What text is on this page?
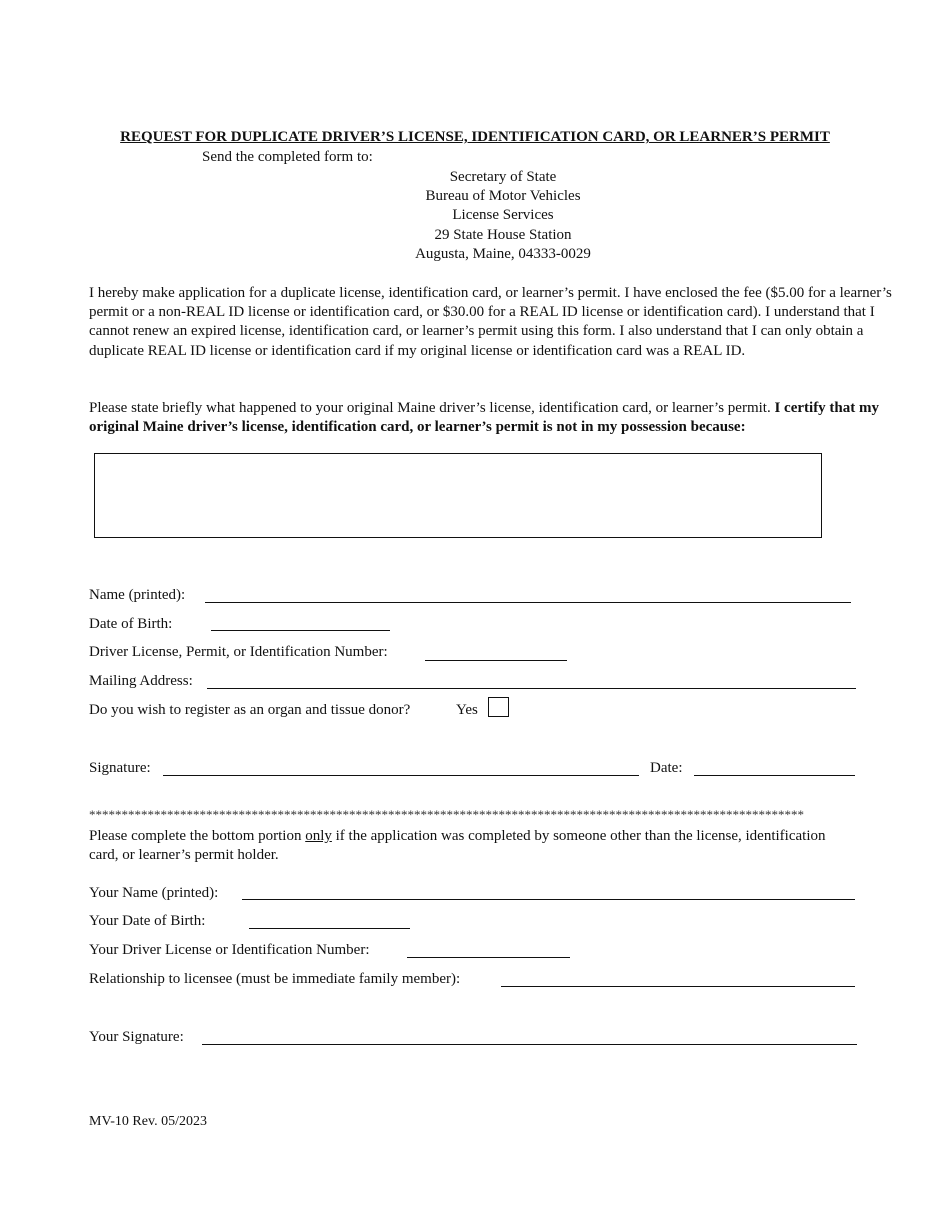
REQUEST FOR DUPLICATE DRIVER’S LICENSE, IDENTIFICATION CARD, OR LEARNER’S PERMIT
Send the completed form to:
Secretary of State
Bureau of Motor Vehicles
License Services
29 State House Station
Augusta, Maine, 04333-0029
I hereby make application for a duplicate license, identification card, or learner’s permit. I have enclosed the fee ($5.00 for a learner’s permit or a non-REAL ID license or identification card, or $30.00 for a REAL ID license or identification card). I understand that I cannot renew an expired license, identification card, or learner’s permit using this form. I also understand that I can only obtain a duplicate REAL ID license or identification card if my original license or identification card was a REAL ID.
Please state briefly what happened to your original Maine driver’s license, identification card, or learner’s permit. I certify that my original Maine driver’s license, identification card, or learner’s permit is not in my possession because:
Name (printed):
Date of Birth:
Driver License, Permit, or Identification Number:
Mailing Address:
Do you wish to register as an organ and tissue donor?	Yes
Signature:	Date:
**************************************************************************************************************
Please complete the bottom portion only if the application was completed by someone other than the license, identification card, or learner’s permit holder.
Your Name (printed):
Your Date of Birth:
Your Driver License or Identification Number:
Relationship to licensee (must be immediate family member):
Your Signature:
MV-10 Rev. 05/2023
